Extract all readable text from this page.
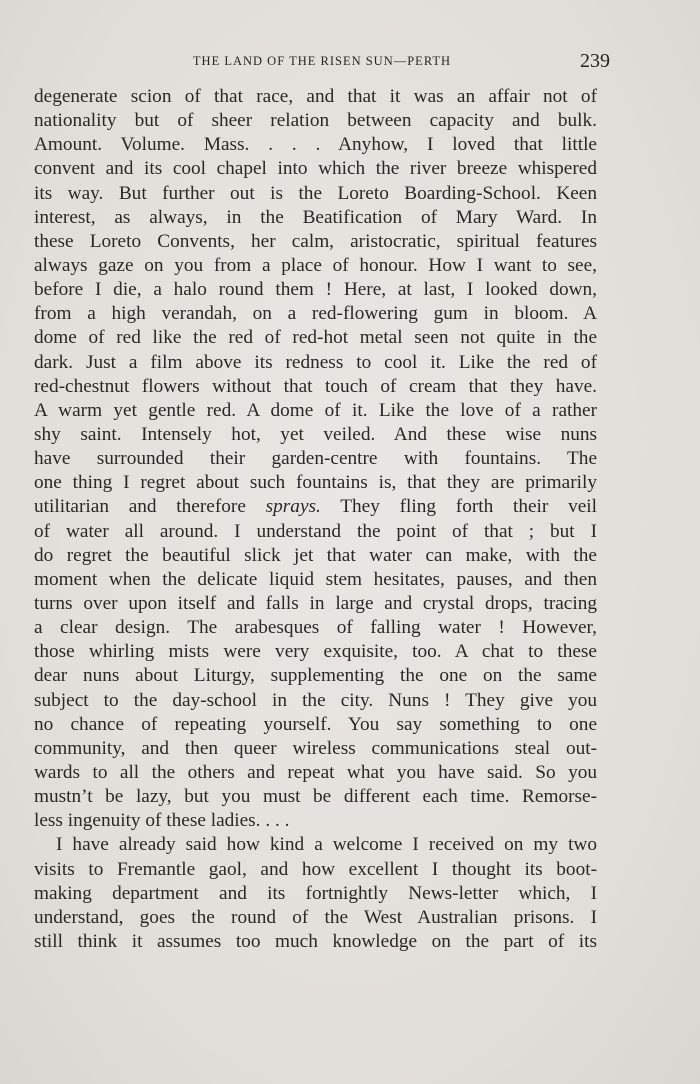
THE LAND OF THE RISEN SUN—PERTH	239
degenerate scion of that race, and that it was an affair not of
nationality but of sheer relation between capacity and bulk.
Amount. Volume. Mass. . . . Anyhow, I loved that little
convent and its cool chapel into which the river breeze whispered
its way. But further out is the Loreto Boarding-School. Keen
interest, as always, in the Beatification of Mary Ward. In
these Loreto Convents, her calm, aristocratic, spiritual features
always gaze on you from a place of honour. How I want to see,
before I die, a halo round them ! Here, at last, I looked down,
from a high verandah, on a red-flowering gum in bloom. A
dome of red like the red of red-hot metal seen not quite in the
dark. Just a film above its redness to cool it. Like the red of
red-chestnut flowers without that touch of cream that they have.
A warm yet gentle red. A dome of it. Like the love of a rather
shy saint. Intensely hot, yet veiled. And these wise nuns
have surrounded their garden-centre with fountains. The
one thing I regret about such fountains is, that they are primarily
utilitarian and therefore sprays. They fling forth their veil
of water all around. I understand the point of that ; but I
do regret the beautiful slick jet that water can make, with the
moment when the delicate liquid stem hesitates, pauses, and then
turns over upon itself and falls in large and crystal drops, tracing
a clear design. The arabesques of falling water ! However,
those whirling mists were very exquisite, too. A chat to these
dear nuns about Liturgy, supplementing the one on the same
subject to the day-school in the city. Nuns ! They give you
no chance of repeating yourself. You say something to one
community, and then queer wireless communications steal out-
wards to all the others and repeat what you have said. So you
mustn’t be lazy, but you must be different each time. Remorse-
less ingenuity of these ladies. . . .
I have already said how kind a welcome I received on my two
visits to Fremantle gaol, and how excellent I thought its boot-
making department and its fortnightly News-letter which, I
understand, goes the round of the West Australian prisons. I
still think it assumes too much knowledge on the part of its
